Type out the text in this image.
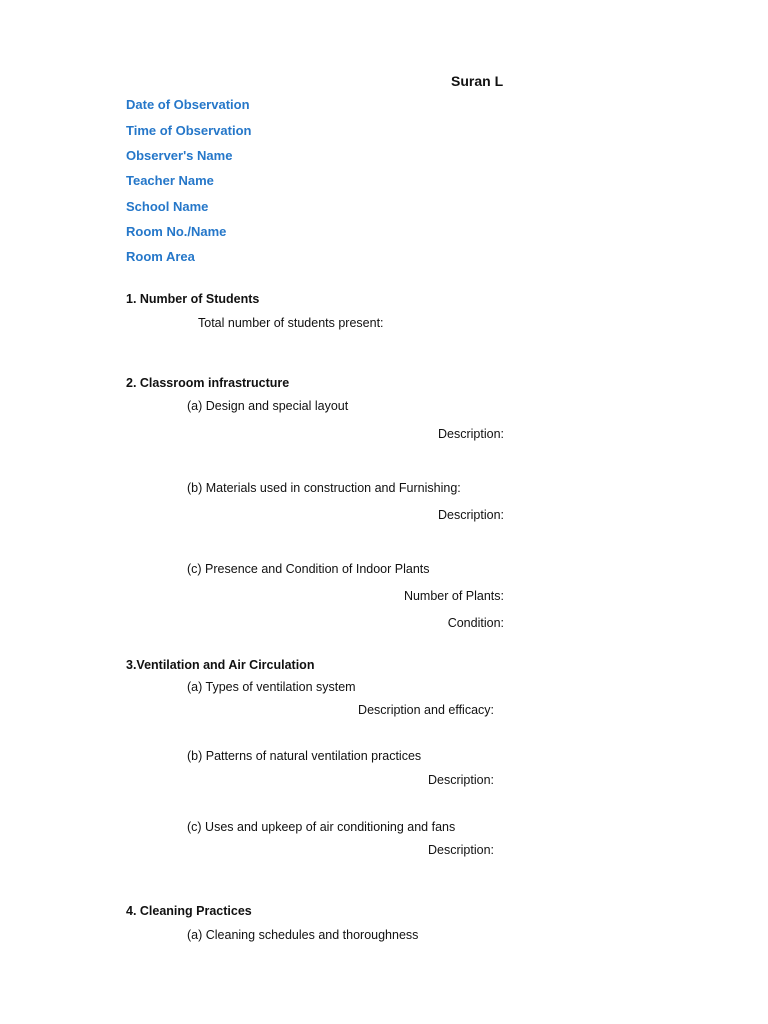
Suran L
Date of Observation
Time of Observation
Observer's Name
Teacher Name
School Name
Room No./Name
Room Area
1. Number of Students
Total number of students present:
2. Classroom infrastructure
(a) Design and special layout
Description:
(b) Materials used in construction and Furnishing:
Description:
(c) Presence and Condition of Indoor Plants
Number of Plants:
Condition:
3.Ventilation and Air Circulation
(a) Types of ventilation system
Description and efficacy:
(b) Patterns of natural ventilation practices
Description:
(c) Uses and upkeep of air conditioning and fans
Description:
4. Cleaning Practices
(a) Cleaning schedules and thoroughness
